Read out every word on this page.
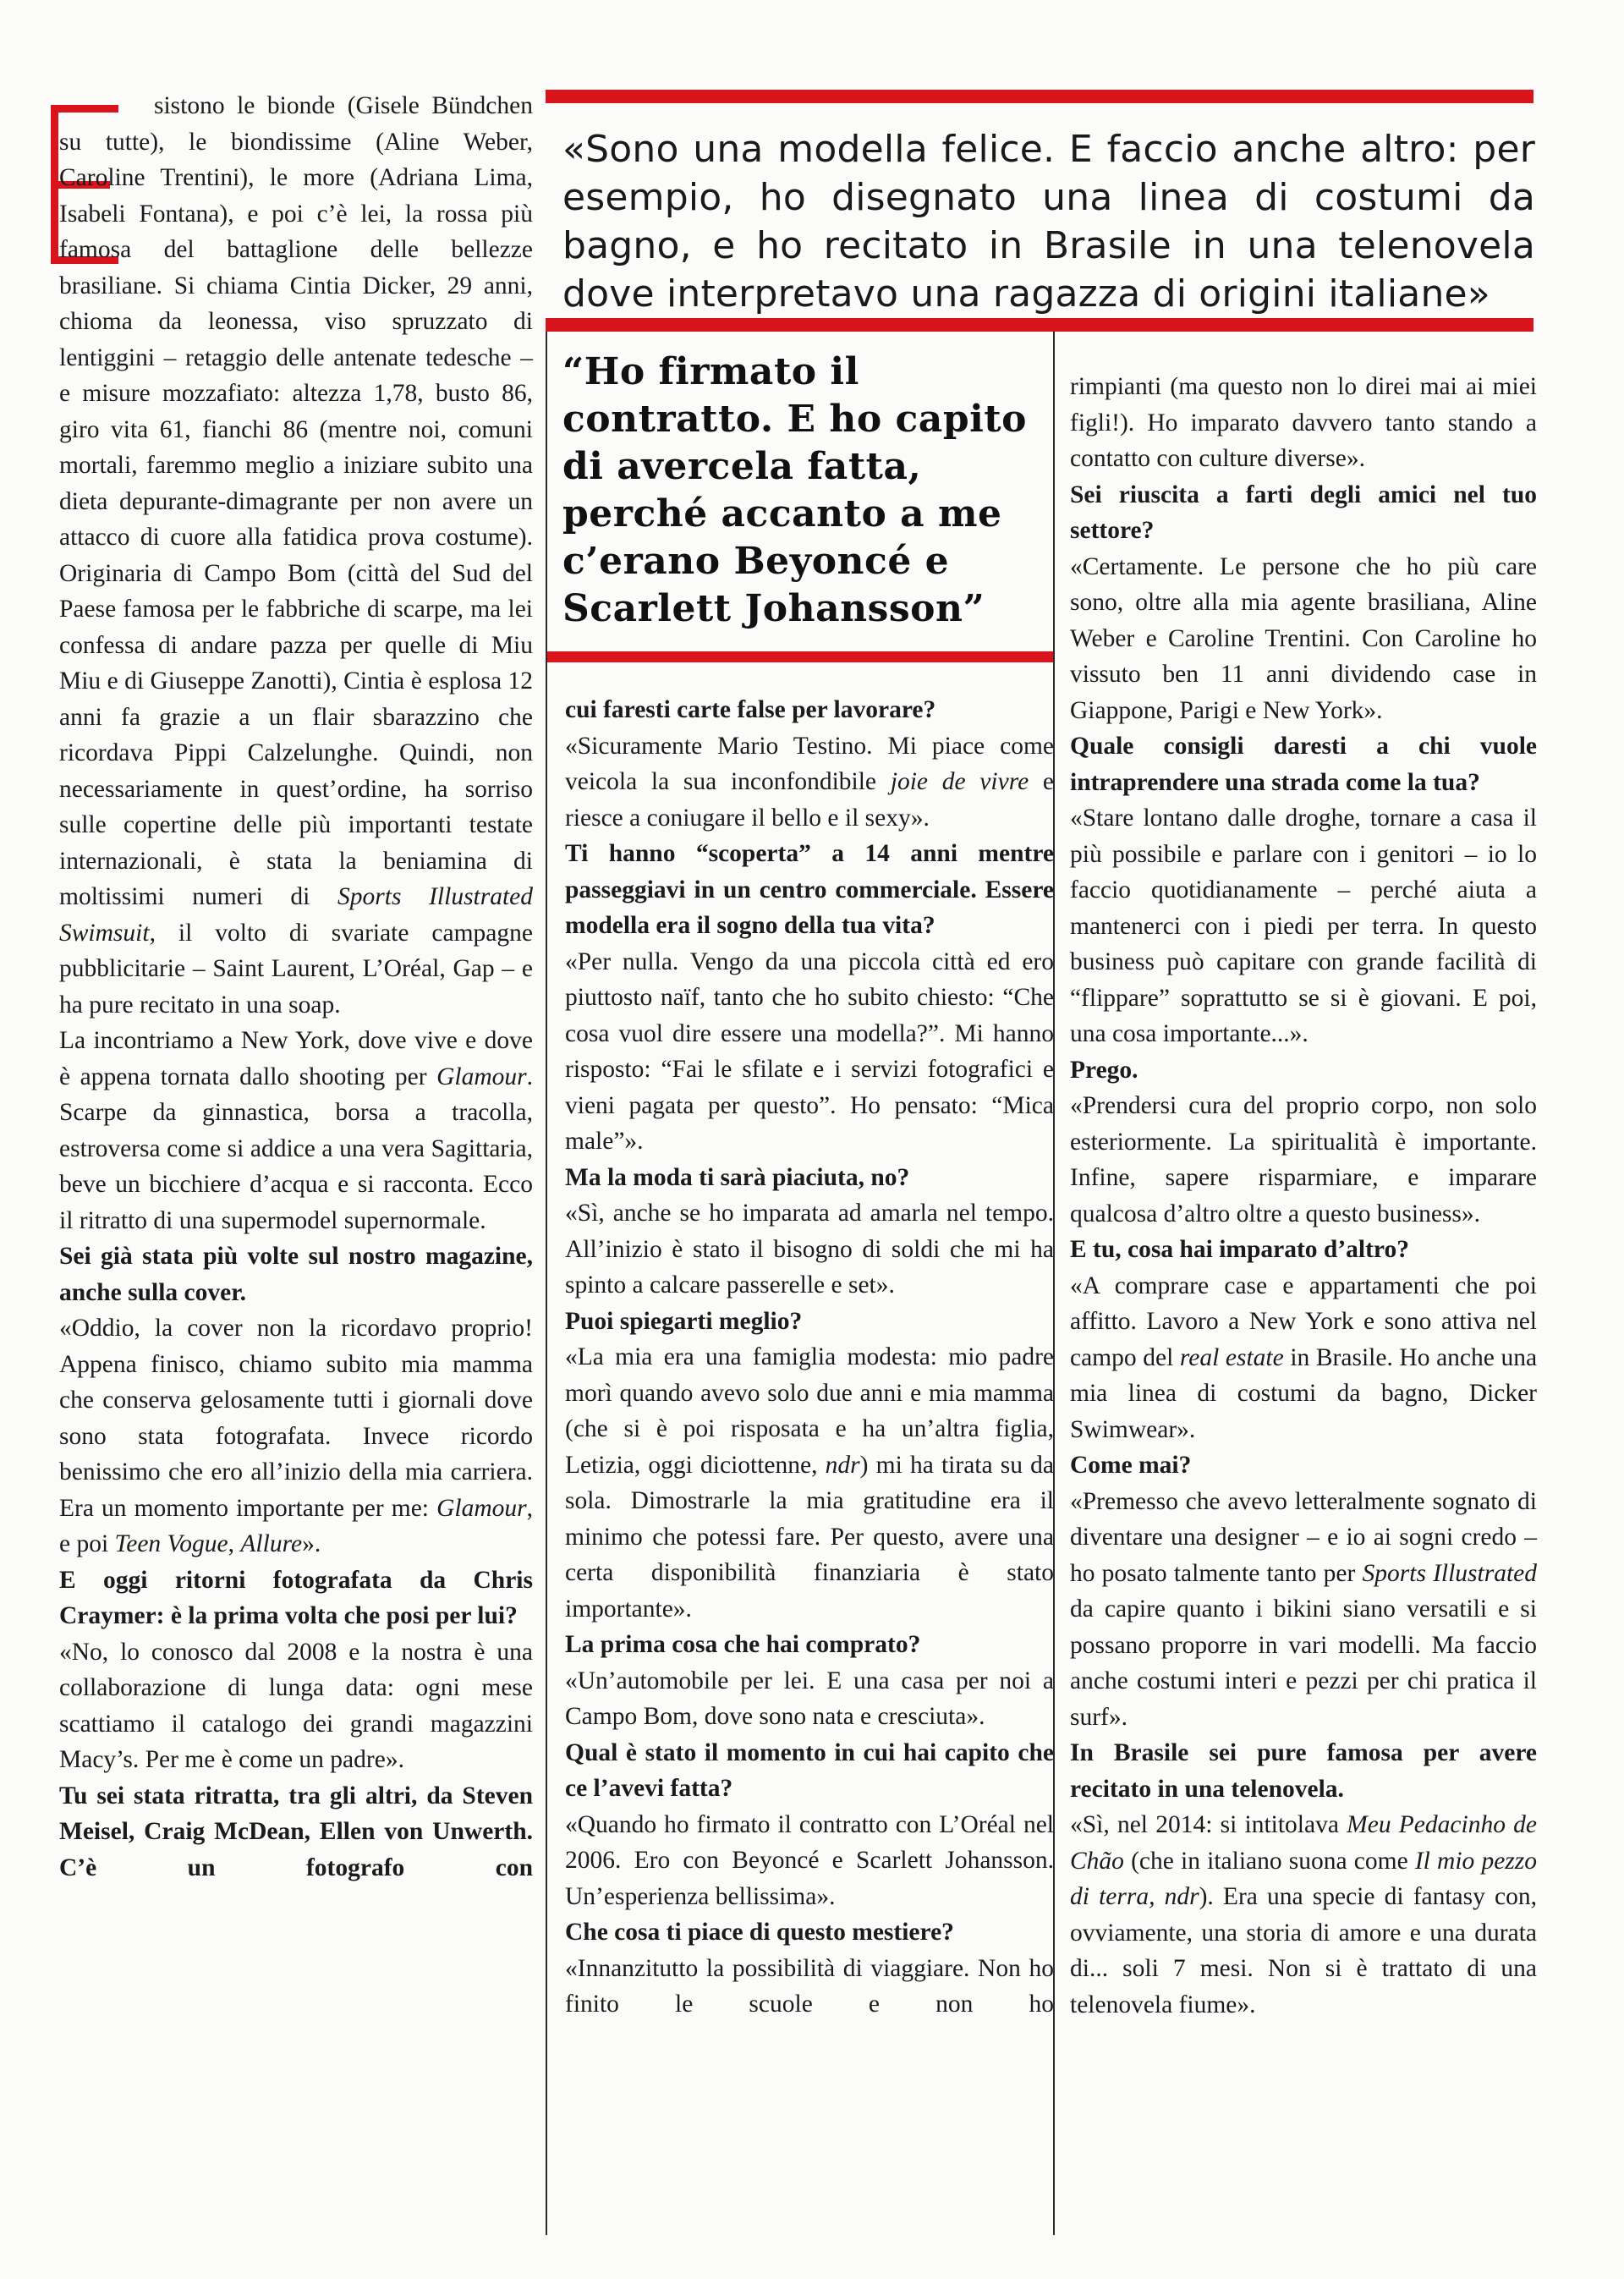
«Sono una modella felice. E faccio anche altro: per esempio, ho disegnato una linea di costumi da bagno, e ho recitato in Brasile in una telenovela dove interpretavo una ragazza di origini italiane»
“Ho firmato il contratto. E ho capito di avercela fatta, perché accanto a me c’erano Beyoncé e Scarlett Johansson”

sistono le bionde (Gisele Bündchen su tutte), le biondissime (Aline Weber, Caroline Trentini), le more (Adriana Lima, Isabeli Fontana), e poi c’è lei, la rossa più famosa del battaglione delle bellezze brasiliane. Si chiama Cintia Dicker, 29 anni, chioma da leonessa, viso spruzzato di lentiggini – retaggio delle antenate tedesche – e misure mozzafiato: altezza 1,78, busto 86, giro vita 61, fianchi 86 (mentre noi, comuni mortali, faremmo meglio a iniziare subito una dieta depurante-dimagrante per non avere un attacco di cuore alla fatidica prova costume). Originaria di Campo Bom (città del Sud del Paese famosa per le fabbriche di scarpe, ma lei confessa di andare pazza per quelle di Miu Miu e di Giuseppe Zanotti), Cintia è esplosa 12 anni fa grazie a un flair sbarazzino che ricordava Pippi Calzelunghe. Quindi, non necessariamente in quest’ordine, ha sorriso sulle copertine delle più importanti testate internazionali, è stata la beniamina di moltissimi numeri di Sports Illustrated Swimsuit, il volto di svariate campagne pubblicitarie – Saint Laurent, L’Oréal, Gap – e ha pure recitato in una soap.

La incontriamo a New York, dove vive e dove è appena tornata dallo shooting per Glamour. Scarpe da ginnastica, borsa a tracolla, estroversa come si addice a una vera Sagittaria, beve un bicchiere d’acqua e si racconta. Ecco il ritratto di una supermodel supernormale.

Sei già stata più volte sul nostro magazine, anche sulla cover.

«Oddio, la cover non la ricordavo proprio! Appena finisco, chiamo subito mia mamma che conserva gelosamente tutti i giornali dove sono stata fotografata. Invece ricordo benissimo che ero all’inizio della mia carriera. Era un momento importante per me: Glamour, e poi Teen Vogue, Allure».

E oggi ritorni fotografata da Chris Craymer: è la prima volta che posi per lui?

«No, lo conosco dal 2008 e la nostra è una collaborazione di lunga data: ogni mese scattiamo il catalogo dei grandi magazzini Macy’s. Per me è come un padre».

Tu sei stata ritratta, tra gli altri, da Steven Meisel, Craig McDean, Ellen von Unwerth. C’è un fotografo con

cui faresti carte false per lavorare?

«Sicuramente Mario Testino. Mi piace come veicola la sua inconfondibile joie de vivre e riesce a coniugare il bello e il sexy».

Ti hanno “scoperta” a 14 anni mentre passeggiavi in un centro commerciale. Essere modella era il sogno della tua vita?

«Per nulla. Vengo da una piccola città ed ero piuttosto naïf, tanto che ho subito chiesto: “Che cosa vuol dire essere una modella?”. Mi hanno risposto: “Fai le sfilate e i servizi fotografici e vieni pagata per questo”. Ho pensato: “Mica male”».

Ma la moda ti sarà piaciuta, no?

«Sì, anche se ho imparata ad amarla nel tempo. All’inizio è stato il bisogno di soldi che mi ha spinto a calcare passerelle e set».

Puoi spiegarti meglio?

«La mia era una famiglia modesta: mio padre morì quando avevo solo due anni e mia mamma (che si è poi risposata e ha un’altra figlia, Letizia, oggi diciottenne, ndr) mi ha tirata su da sola. Dimostrarle la mia gratitudine era il minimo che potessi fare. Per questo, avere una certa disponibilità finanziaria è stato importante».

La prima cosa che hai comprato?

«Un’automobile per lei. E una casa per noi a Campo Bom, dove sono nata e cresciuta».

Qual è stato il momento in cui hai capito che ce l’avevi fatta?

«Quando ho firmato il contratto con L’Oréal nel 2006. Ero con Beyoncé e Scarlett Johansson. Un’esperienza bellissima».

Che cosa ti piace di questo mestiere?

«Innanzitutto la possibilità di viaggiare. Non ho finito le scuole e non ho

rimpianti (ma questo non lo direi mai ai miei figli!). Ho imparato davvero tanto stando a contatto con culture diverse».

Sei riuscita a farti degli amici nel tuo settore?

«Certamente. Le persone che ho più care sono, oltre alla mia agente brasiliana, Aline Weber e Caroline Trentini. Con Caroline ho vissuto ben 11 anni dividendo case in Giappone, Parigi e New York».

Quale consigli daresti a chi vuole intraprendere una strada come la tua?

«Stare lontano dalle droghe, tornare a casa il più possibile e parlare con i genitori – io lo faccio quotidianamente – perché aiuta a mantenerci con i piedi per terra. In questo business può capitare con grande facilità di “flippare” soprattutto se si è giovani. E poi, una cosa importante...».

Prego.

«Prendersi cura del proprio corpo, non solo esteriormente. La spiritualità è importante. Infine, sapere risparmiare, e imparare qualcosa d’altro oltre a questo business».

E tu, cosa hai imparato d’altro?

«A comprare case e appartamenti che poi affitto. Lavoro a New York e sono attiva nel campo del real estate in Brasile. Ho anche una mia linea di costumi da bagno, Dicker Swimwear».

Come mai?

«Premesso che avevo letteralmente sognato di diventare una designer – e io ai sogni credo – ho posato talmente tanto per Sports Illustrated da capire quanto i bikini siano versatili e si possano proporre in vari modelli. Ma faccio anche costumi interi e pezzi per chi pratica il surf».

In Brasile sei pure famosa per avere recitato in una telenovela.

«Sì, nel 2014: si intitolava Meu Pedacinho de Chão (che in italiano suona come Il mio pezzo di terra, ndr). Era una specie di fantasy con, ovviamente, una storia di amore e una durata di... soli 7 mesi. Non si è trattato di una telenovela fiume».
